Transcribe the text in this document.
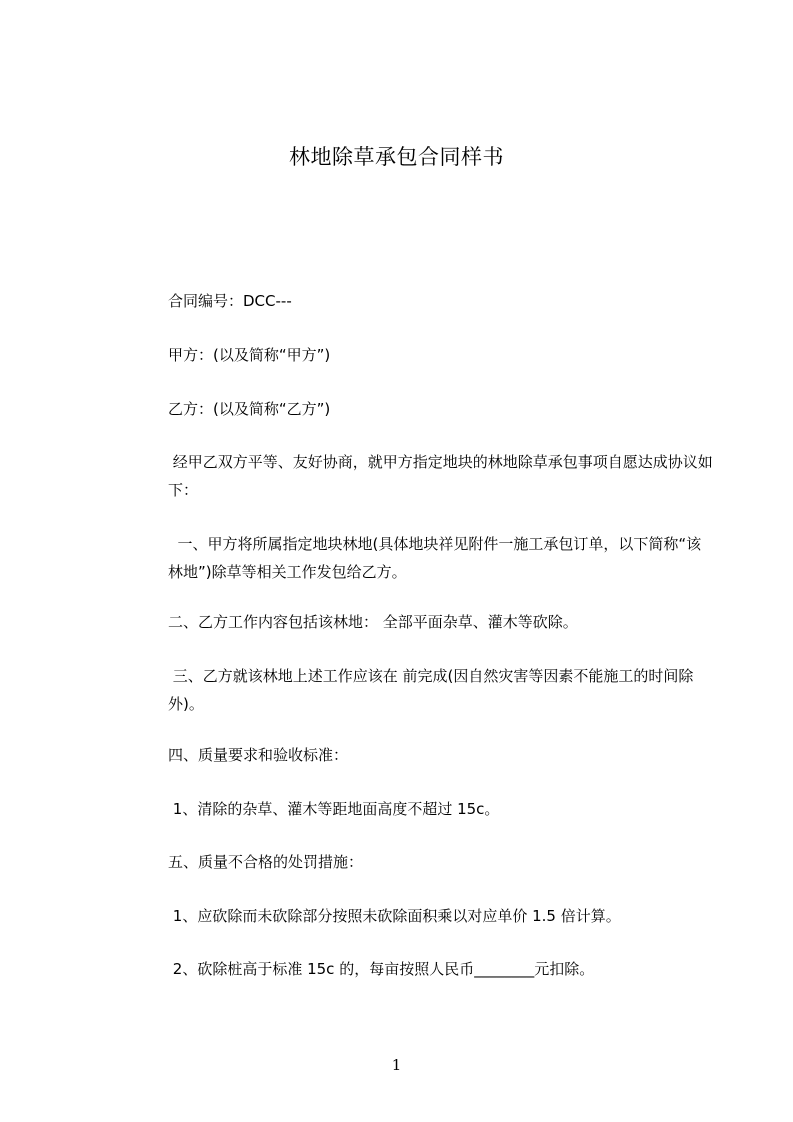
林地除草承包合同样书

合同编号：DCC---

甲方：(以及简称“甲方”)

乙方：(以及简称“乙方”)

经甲乙双方平等、友好协商，就甲方指定地块的林地除草承包事项自愿达成协议如下：

一、甲方将所属指定地块林地(具体地块祥见附件一施工承包订单，以下简称“该林地”)除草等相关工作发包给乙方。

二、乙方工作内容包括该林地： 全部平面杂草、灌木等砍除。

三、乙方就该林地上述工作应该在 前完成(因自然灾害等因素不能施工的时间除外)。

四、质量要求和验收标准：

1、清除的杂草、灌木等距地面高度不超过 15c。

五、质量不合格的处罚措施：

1、应砍除而未砍除部分按照未砍除面积乘以对应单价 1.5 倍计算。

2、砍除桩高于标准 15c 的，每亩按照人民币________元扣除。

1
